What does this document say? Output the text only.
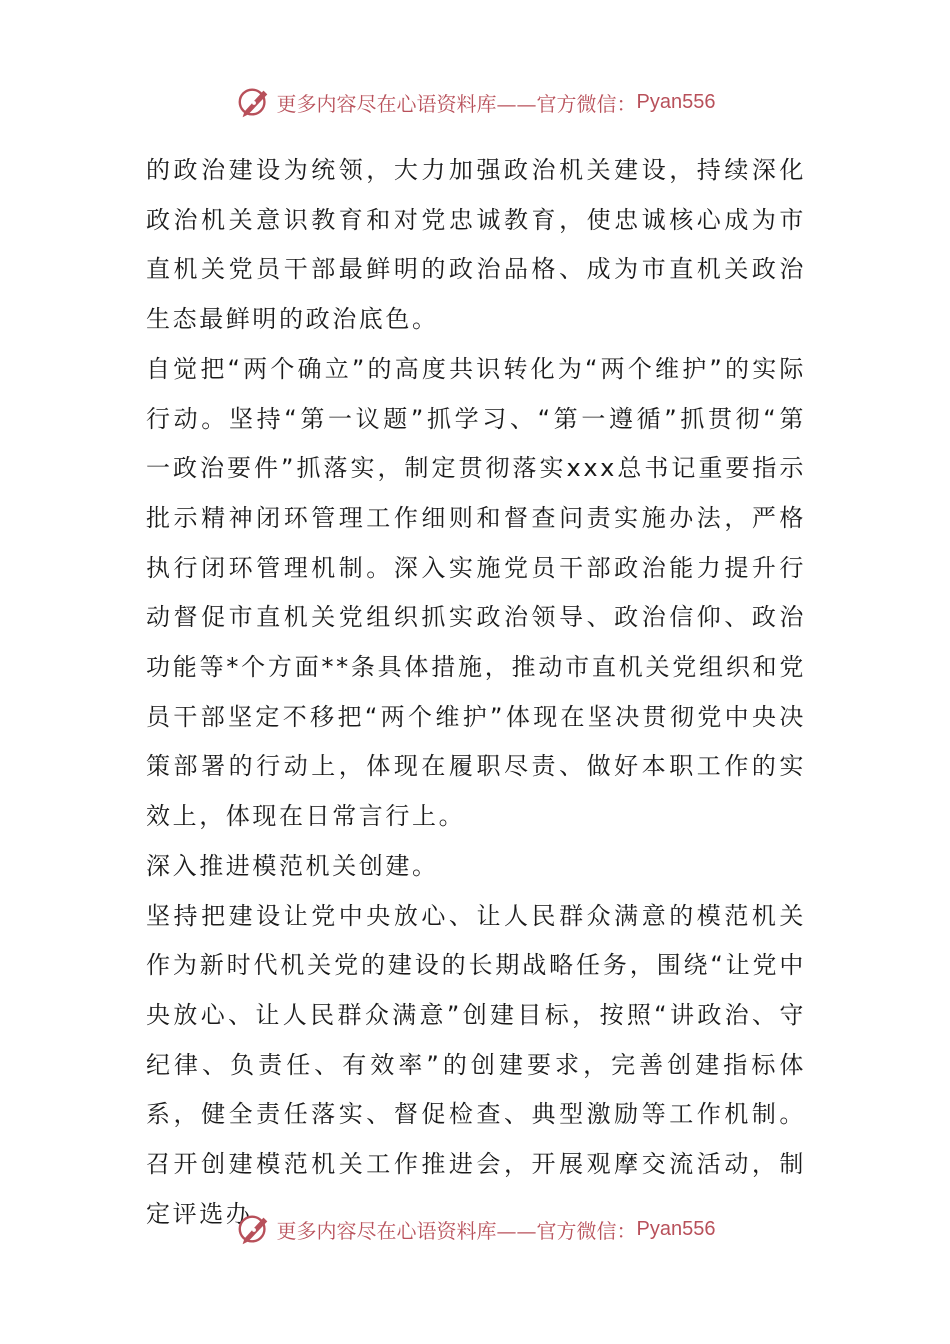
更多内容尽在心语资料库——官方微信： Pyan556

的政治建设为统领，大力加强政治机关建设，持续深化政治机关意识教育和对党忠诚教育，使忠诚核心成为市直机关党员干部最鲜明的政治品格、成为市直机关政治生态最鲜明的政治底色。

自觉把“两个确立”的高度共识转化为“两个维护”的实际行动。坚持“第一议题”抓学习、“第一遵循”抓贯彻“第一政治要件”抓落实，制定贯彻落实xxx总书记重要指示批示精神闭环管理工作细则和督查问责实施办法，严格执行闭环管理机制。深入实施党员干部政治能力提升行动督促市直机关党组织抓实政治领导、政治信仰、政治功能等*个方面**条具体措施，推动市直机关党组织和党员干部坚定不移把“两个维护”体现在坚决贯彻党中央决策部署的行动上，体现在履职尽责、做好本职工作的实效上，体现在日常言行上。

深入推进模范机关创建。

坚持把建设让党中央放心、让人民群众满意的模范机关作为新时代机关党的建设的长期战略任务，围绕“让党中央放心、让人民群众满意”创建目标，按照“讲政治、守纪律、负责任、有效率”的创建要求，完善创建指标体系，健全责任落实、督促检查、典型激励等工作机制。召开创建模范机关工作推进会，开展观摩交流活动，制定评选办

更多内容尽在心语资料库——官方微信： Pyan556
